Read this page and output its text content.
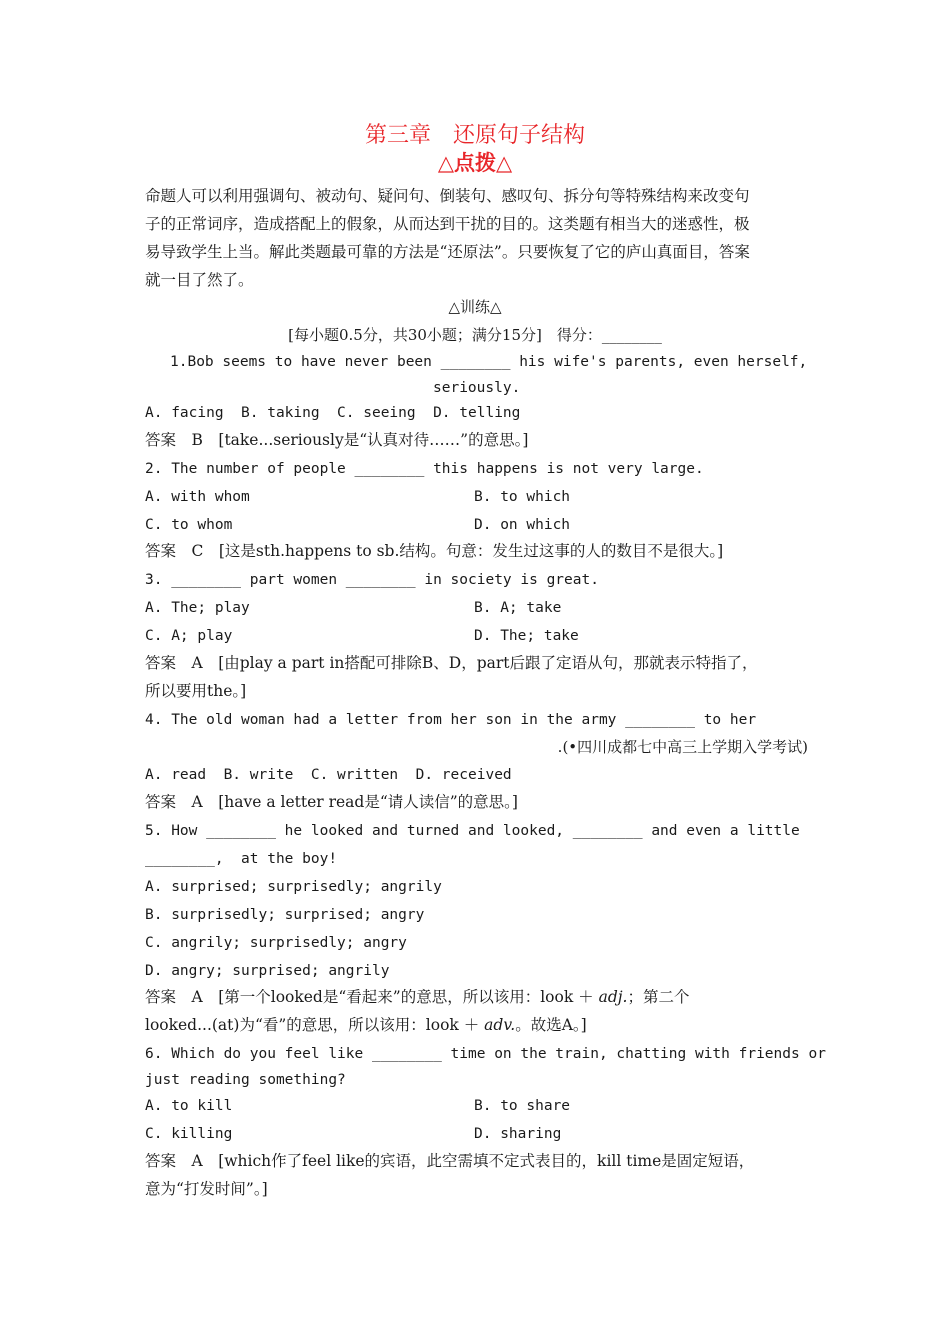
第三章　还原句子结构
△点拨△
命题人可以利用强调句、被动句、疑问句、倒装句、感叹句、拆分句等特殊结构来改变句
子的正常词序，造成搭配上的假象，从而达到干扰的目的。这类题有相当大的迷惑性，极
易导致学生上当。解此类题最可靠的方法是“还原法”。只要恢复了它的庐山真面目，答案
就一目了然了。
△训练△
[每小题0.5分，共30小题；满分15分]　得分：________
1.Bob seems to have never been ________ his wife's parents, even herself,
seriously.
A. facing  B. taking  C. seeing  D. telling
答案　B　[take...seriously是“认真对待……”的意思。]
2. The number of people ________ this happens is not very large.
A. with whom	B. to which
C. to whom	D. on which
答案　C　[这是sth.happens to sb.结构。句意：发生过这事的人的数目不是很大。]
3. ________ part women ________ in society is great.
A. The; play	B. A; take
C. A; play	D. The; take
答案　A　[由play a part in搭配可排除B、D，part后跟了定语从句，那就表示特指了，
所以要用the。]
4. The old woman had a letter from her son in the army ________ to her
.(•四川成都七中高三上学期入学考试)
A. read  B. write  C. written  D. received
答案　A　[have a letter read是“请人读信”的意思。]
5. How ________ he looked and turned and looked, ________ and even a little
________,  at the boy!
A. surprised; surprisedly; angrily
B. surprisedly; surprised; angry
C. angrily; surprisedly; angry
D. angry; surprised; angrily
答案　A　[第一个looked是“看起来”的意思，所以该用：look ＋ adj.；第二个
looked...(at)为“看”的意思，所以该用：look ＋ adv.。故选A。]
6. Which do you feel like ________ time on the train, chatting with friends or
just reading something?
A. to kill	B. to share
C. killing	D. sharing
答案　A　[which作了feel like的宾语，此空需填不定式表目的，kill time是固定短语，
意为“打发时间”。]
